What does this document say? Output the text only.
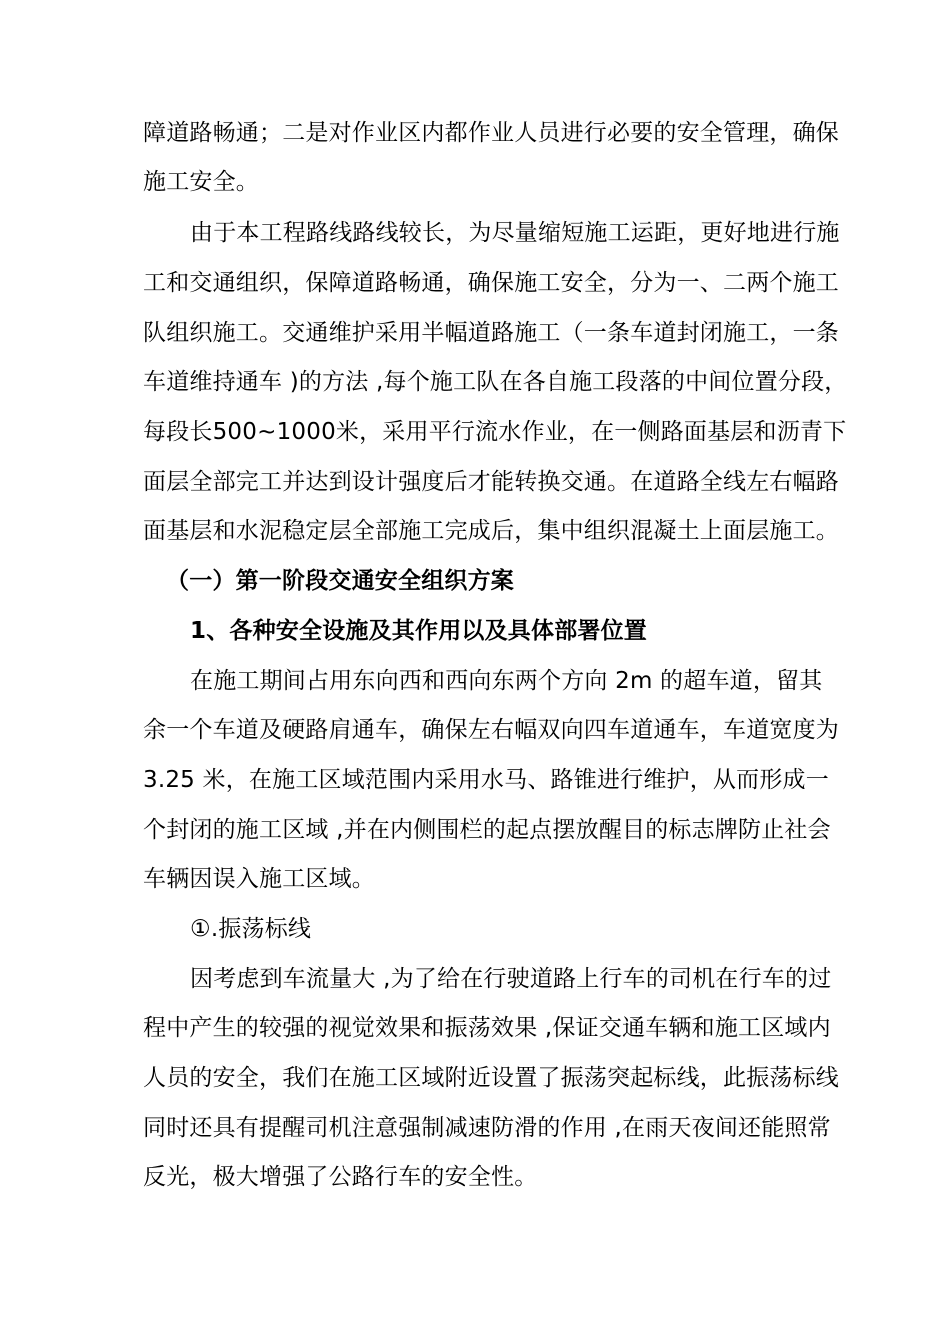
障道路畅通；二是对作业区内都作业人员进行必要的安全管理，确保
施工安全。
由于本工程路线路线较长，为尽量缩短施工运距，更好地进行施
工和交通组织，保障道路畅通，确保施工安全，分为一、二两个施工
队组织施工。交通维护采用半幅道路施工（一条车道封闭施工，一条
车道维持通车 )的方法 ,每个施工队在各自施工段落的中间位置分段，
每段长500~1000米，采用平行流水作业，在一侧路面基层和沥青下
面层全部完工并达到设计强度后才能转换交通。在道路全线左右幅路
面基层和水泥稳定层全部施工完成后，集中组织混凝土上面层施工。
（一）第一阶段交通安全组织方案
1、各种安全设施及其作用以及具体部署位置
在施工期间占用东向西和西向东两个方向 2m 的超车道，留其
余一个车道及硬路肩通车，确保左右幅双向四车道通车，车道宽度为
3.25 米，在施工区域范围内采用水马、路锥进行维护，从而形成一
个封闭的施工区域 ,并在内侧围栏的起点摆放醒目的标志牌防止社会
车辆因误入施工区域。
①.振荡标线
因考虑到车流量大 ,为了给在行驶道路上行车的司机在行车的过
程中产生的较强的视觉效果和振荡效果 ,保证交通车辆和施工区域内
人员的安全，我们在施工区域附近设置了振荡突起标线，此振荡标线
同时还具有提醒司机注意强制减速防滑的作用 ,在雨天夜间还能照常
反光，极大增强了公路行车的安全性。
